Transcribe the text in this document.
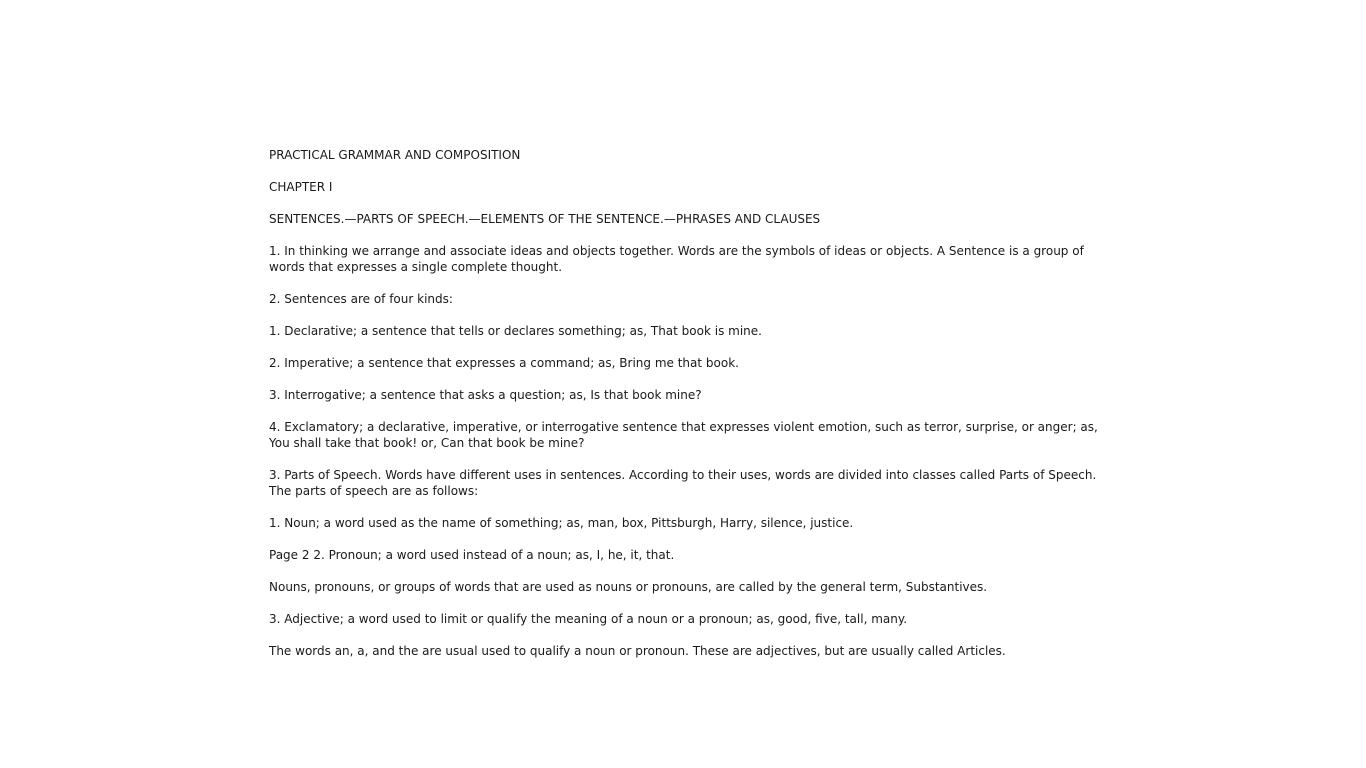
PRACTICAL GRAMMAR AND COMPOSITION

CHAPTER I

SENTENCES.—PARTS OF SPEECH.—ELEMENTS OF THE SENTENCE.—PHRASES AND CLAUSES

1. In thinking we arrange and associate ideas and objects together. Words are the symbols of ideas or objects. A Sentence is a group of words that expresses a single complete thought.

2. Sentences are of four kinds:

1. Declarative; a sentence that tells or declares something; as, That book is mine.

2. Imperative; a sentence that expresses a command; as, Bring me that book.

3. Interrogative; a sentence that asks a question; as, Is that book mine?

4. Exclamatory; a declarative, imperative, or interrogative sentence that expresses violent emotion, such as terror, surprise, or anger; as, You shall take that book! or, Can that book be mine?

3. Parts of Speech. Words have different uses in sentences. According to their uses, words are divided into classes called Parts of Speech. The parts of speech are as follows:

1. Noun; a word used as the name of something; as, man, box, Pittsburgh, Harry, silence, justice.

Page 2 2. Pronoun; a word used instead of a noun; as, I, he, it, that.

Nouns, pronouns, or groups of words that are used as nouns or pronouns, are called by the general term, Substantives.

3. Adjective; a word used to limit or qualify the meaning of a noun or a pronoun; as, good, five, tall, many.

The words an, a, and the are usual used to qualify a noun or pronoun. These are adjectives, but are usually called Articles.
